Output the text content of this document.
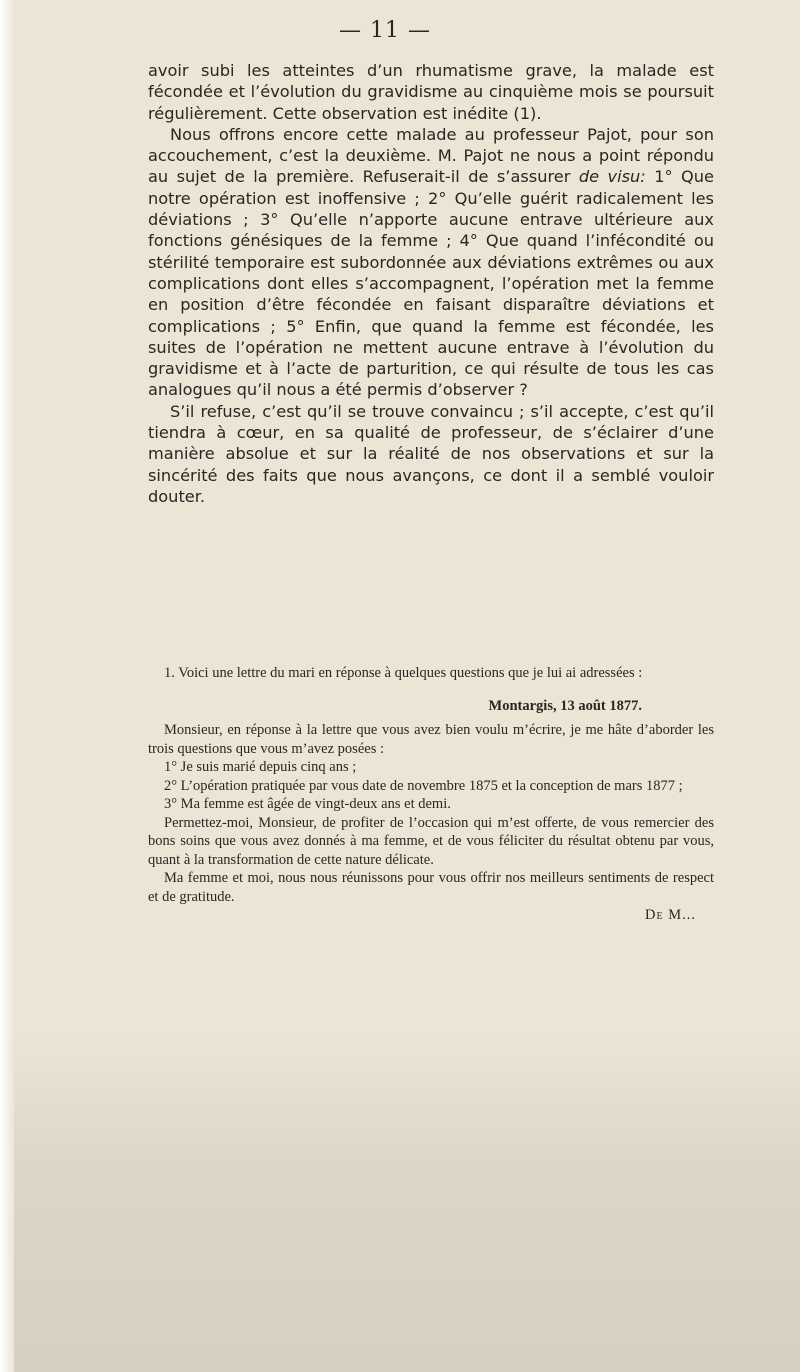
— 11 —

avoir subi les atteintes d’un rhumatisme grave, la malade est fécondée et l’évolution du gravidisme au cinquième mois se poursuit régulièrement. Cette observation est inédite (1).

Nous offrons encore cette malade au professeur Pajot, pour son accouchement, c’est la deuxième. M. Pajot ne nous a point répondu au sujet de la première. Refuserait-il de s’assurer de visu: 1° Que notre opération est inoffensive ; 2° Qu’elle guérit radicalement les déviations ; 3° Qu’elle n’apporte aucune entrave ultérieure aux fonctions génésiques de la femme ; 4° Que quand l’infécondité ou stérilité temporaire est subordonnée aux déviations extrêmes ou aux complications dont elles s’accompagnent, l’opération met la femme en position d’être fécondée en faisant disparaître déviations et complications ; 5° Enfin, que quand la femme est fécondée, les suites de l’opération ne mettent aucune entrave à l’évolution du gravidisme et à l’acte de parturition, ce qui résulte de tous les cas analogues qu’il nous a été permis d’observer ?

S’il refuse, c’est qu’il se trouve convaincu ; s’il accepte, c’est qu’il tiendra à cœur, en sa qualité de professeur, de s’éclairer d’une manière absolue et sur la réalité de nos observations et sur la sincérité des faits que nous avançons, ce dont il a semblé vouloir douter.

1. Voici une lettre du mari en réponse à quelques questions que je lui ai adressées :

Montargis, 13 août 1877.

Monsieur, en réponse à la lettre que vous avez bien voulu m’écrire, je me hâte d’aborder les trois questions que vous m’avez posées :

1° Je suis marié depuis cinq ans ;

2° L’opération pratiquée par vous date de novembre 1875 et la conception de mars 1877 ;

3° Ma femme est âgée de vingt-deux ans et demi.

Permettez-moi, Monsieur, de profiter de l’occasion qui m’est offerte, de vous remercier des bons soins que vous avez donnés à ma femme, et de vous féliciter du résultat obtenu par vous, quant à la transformation de cette nature délicate.

Ma femme et moi, nous nous réunissons pour vous offrir nos meilleurs sentiments de respect et de gratitude.

De M...
